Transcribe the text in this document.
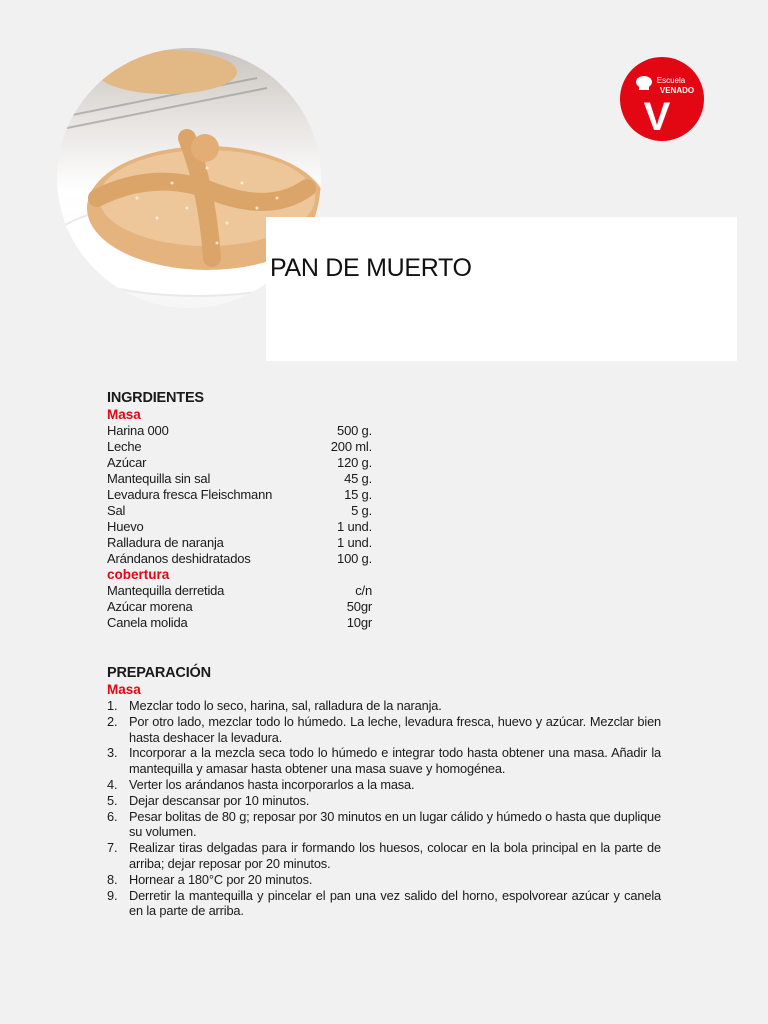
Escuela
VENADO
V
PAN DE MUERTO

INGRDIENTES

Masa

Harina 000	500 g.
Leche	200 ml.
Azúcar	120 g.
Mantequilla sin sal	45 g.
Levadura fresca Fleischmann	15 g.
Sal	5 g.
Huevo	1 und.
Ralladura de naranja	1 und.
Arándanos deshidratados	100 g.

cobertura

Mantequilla derretida	c/n
Azúcar morena	50gr
Canela molida	10gr

PREPARACIÓN

Masa

1. Mezclar todo lo seco, harina, sal, ralladura de la naranja.
2. Por otro lado, mezclar todo lo húmedo. La leche, levadura fresca, huevo y azúcar. Mezclar bien hasta deshacer la levadura.
3. Incorporar a la mezcla seca todo lo húmedo e integrar todo hasta obtener una masa. Añadir la mantequilla y amasar hasta obtener una masa suave y homogénea.
4. Verter los arándanos hasta incorporarlos a la masa.
5. Dejar descansar por 10 minutos.
6. Pesar bolitas de 80 g; reposar por 30 minutos en un lugar cálido y húmedo o hasta que duplique su volumen.
7. Realizar tiras delgadas para ir formando los huesos, colocar en la bola principal en la parte de arriba; dejar reposar por 20 minutos.
8. Hornear a 180°C por 20 minutos.
9. Derretir la mantequilla y pincelar el pan una vez salido del horno, espolvorear azúcar y canela en la parte de arriba.
